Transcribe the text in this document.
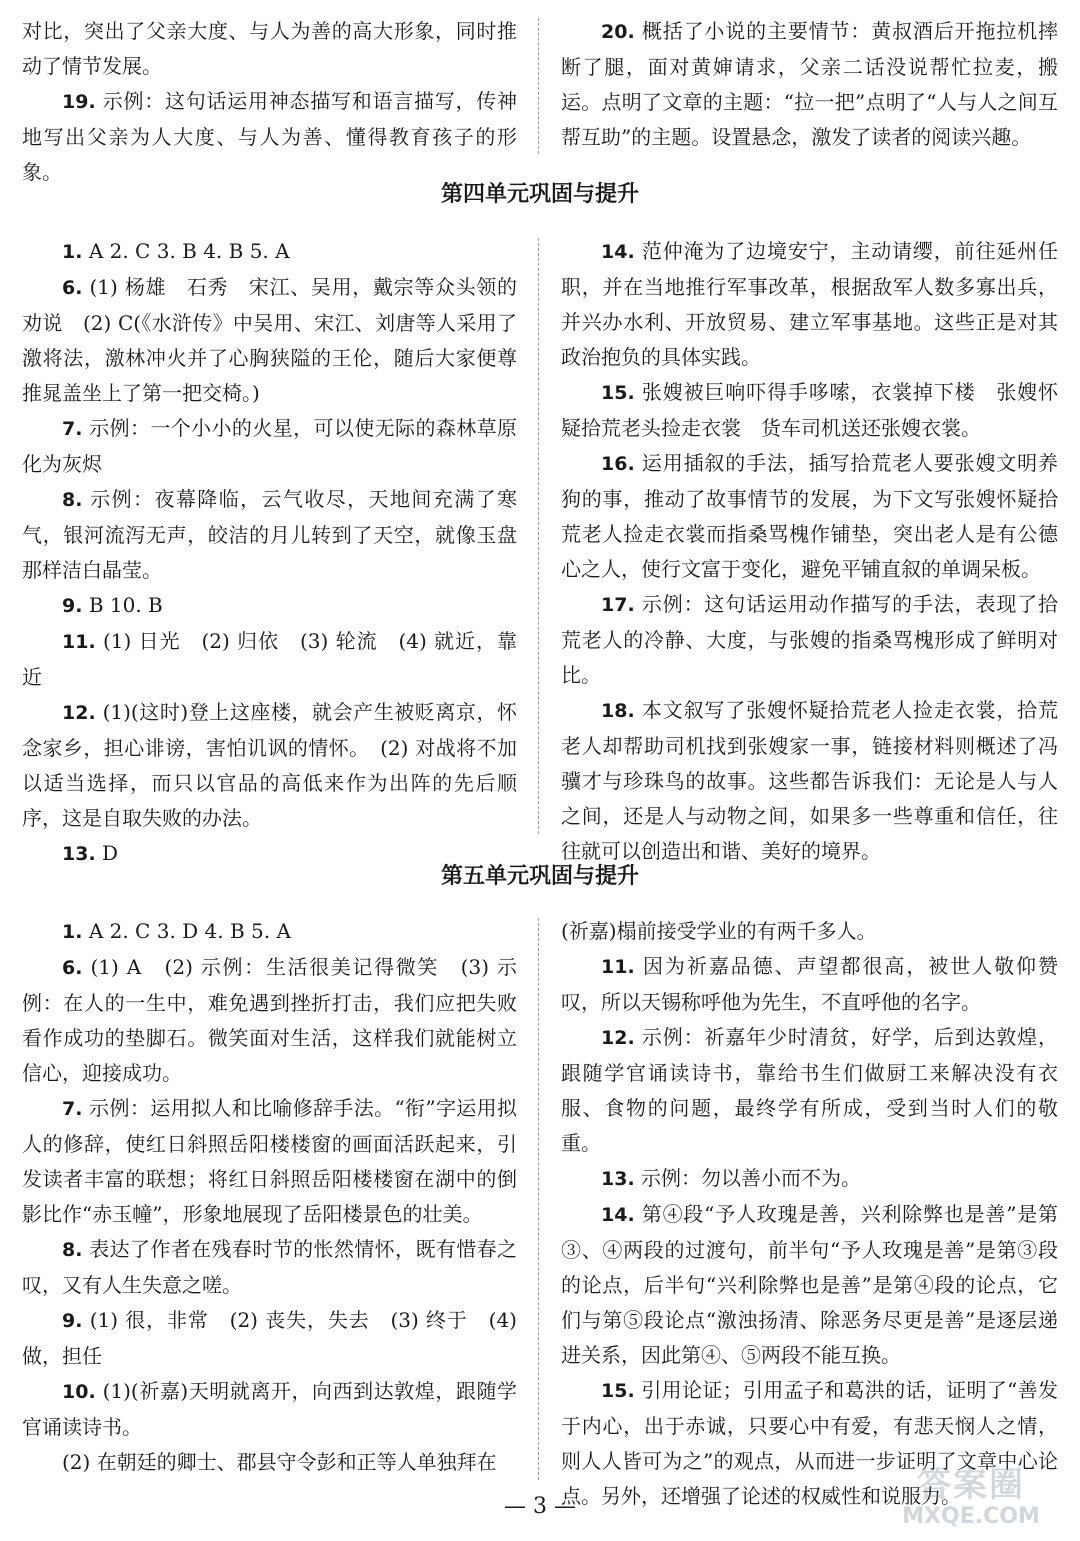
对比，突出了父亲大度、与人为善的高大形象，同时推动了情节发展。

19. 示例：这句话运用神态描写和语言描写，传神地写出父亲为人大度、与人为善、懂得教育孩子的形象。

20. 概括了小说的主要情节：黄叔酒后开拖拉机摔断了腿，面对黄婶请求，父亲二话没说帮忙拉麦，搬运。点明了文章的主题：“拉一把”点明了“人与人之间互帮互助”的主题。设置悬念，激发了读者的阅读兴趣。

第四单元巩固与提升

1. A 2. C 3. B 4. B 5. A

6. (1) 杨雄　石秀　宋江、吴用，戴宗等众头领的劝说　(2) C(《水浒传》中吴用、宋江、刘唐等人采用了激将法，激林冲火并了心胸狭隘的王伦，随后大家便尊推晁盖坐上了第一把交椅。)

7. 示例：一个小小的火星，可以使无际的森林草原化为灰烬

8. 示例：夜幕降临，云气收尽，天地间充满了寒气，银河流泻无声，皎洁的月儿转到了天空，就像玉盘那样洁白晶莹。

9. B 10. B

11. (1) 日光　(2) 归依　(3) 轮流　(4) 就近，靠近

12. (1)(这时)登上这座楼，就会产生被贬离京，怀念家乡，担心诽谤，害怕讥讽的情怀。　(2) 对战将不加以适当选择，而只以官品的高低来作为出阵的先后顺序，这是自取失败的办法。

13. D

14. 范仲淹为了边境安宁，主动请缨，前往延州任职，并在当地推行军事改革，根据敌军人数多寡出兵，并兴办水利、开放贸易、建立军事基地。这些正是对其政治抱负的具体实践。

15. 张嫂被巨响吓得手哆嗦，衣裳掉下楼　张嫂怀疑拾荒老头捡走衣裳　货车司机送还张嫂衣裳。

16. 运用插叙的手法，插写拾荒老人要张嫂文明养狗的事，推动了故事情节的发展，为下文写张嫂怀疑拾荒老人捡走衣裳而指桑骂槐作铺垫，突出老人是有公德心之人，使行文富于变化，避免平铺直叙的单调呆板。

17. 示例：这句话运用动作描写的手法，表现了拾荒老人的冷静、大度，与张嫂的指桑骂槐形成了鲜明对比。

18. 本文叙写了张嫂怀疑拾荒老人捡走衣裳，拾荒老人却帮助司机找到张嫂家一事，链接材料则概述了冯骥才与珍珠鸟的故事。这些都告诉我们：无论是人与人之间，还是人与动物之间，如果多一些尊重和信任，往往就可以创造出和谐、美好的境界。

第五单元巩固与提升

1. A 2. C 3. D 4. B 5. A

6. (1) A　(2) 示例：生活很美记得微笑　(3) 示例：在人的一生中，难免遇到挫折打击，我们应把失败看作成功的垫脚石。微笑面对生活，这样我们就能树立信心，迎接成功。

7. 示例：运用拟人和比喻修辞手法。“衔”字运用拟人的修辞，使红日斜照岳阳楼楼窗的画面活跃起来，引发读者丰富的联想；将红日斜照岳阳楼楼窗在湖中的倒影比作“赤玉幢”，形象地展现了岳阳楼景色的壮美。

8. 表达了作者在残春时节的怅然情怀，既有惜春之叹，又有人生失意之嗟。

9. (1) 很，非常　(2) 丧失，失去　(3) 终于　(4) 做，担任

10. (1)(祈嘉)天明就离开，向西到达敦煌，跟随学官诵读诗书。

(2) 在朝廷的卿士、郡县守令彭和正等人单独拜在

(祈嘉)榻前接受学业的有两千多人。

11. 因为祈嘉品德、声望都很高，被世人敬仰赞叹，所以天锡称呼他为先生，不直呼他的名字。

12. 示例：祈嘉年少时清贫，好学，后到达敦煌，跟随学官诵读诗书，靠给书生们做厨工来解决没有衣服、食物的问题，最终学有所成，受到当时人们的敬重。

13. 示例：勿以善小而不为。

14. 第④段“予人玫瑰是善，兴利除弊也是善”是第③、④两段的过渡句，前半句“予人玫瑰是善”是第③段的论点，后半句“兴利除弊也是善”是第④段的论点，它们与第⑤段论点“激浊扬清、除恶务尽更是善”是逐层递进关系，因此第④、⑤两段不能互换。

15. 引用论证；引用孟子和葛洪的话，证明了“善发于内心，出于赤诚，只要心中有爱，有悲天悯人之情，则人人皆可为之”的观点，从而进一步证明了文章中心论点。另外，还增强了论述的权威性和说服力。

— 3 —
答案圈
MXQE.COM
